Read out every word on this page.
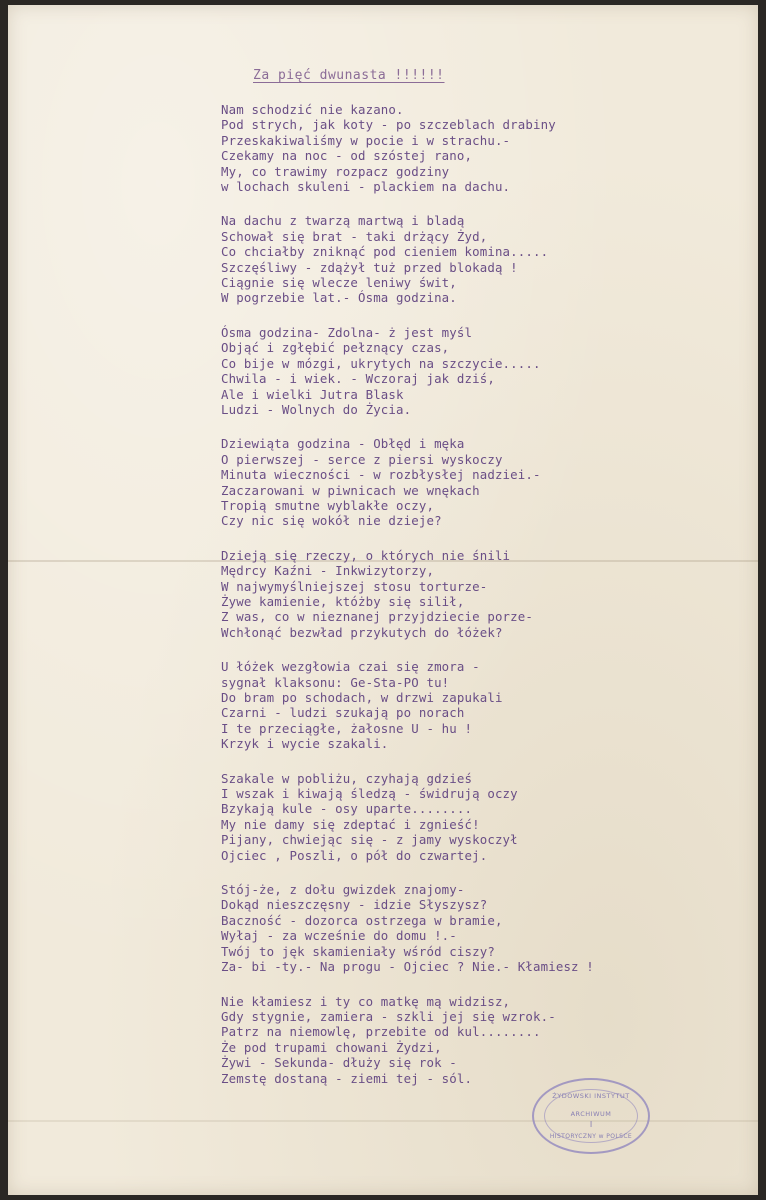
Za pięć dwunasta !!!!!!

Nam schodzić nie kazano.
Pod strych, jak koty - po szczeblach drabiny
Przeskakiwaliśmy w pocie i w strachu.-
Czekamy na noc - od szóstej rano,
My, co trawimy rozpacz godziny
w lochach skuleni - plackiem na dachu.
Na dachu z twarzą martwą i bladą
Schował się brat - taki drżący Żyd,
Co chciałby zniknąć pod cieniem komina.....
Szczęśliwy - zdążył tuż przed blokadą !
Ciągnie się wlecze leniwy świt,
W pogrzebie lat.- Ósma godzina.
Ósma godzina- Zdolna- ż jest myśl
Objąć i zgłębić pełznący czas,
Co bije w mózgi, ukrytych na szczycie.....
Chwila - i wiek. - Wczoraj jak dziś,
Ale i wielki Jutra Blask
Ludzi - Wolnych do Życia.
Dziewiąta godzina - Obłęd i męka
O pierwszej - serce z piersi wyskoczy
Minuta wieczności - w rozbłysłej nadziei.-
Zaczarowani w piwnicach we wnękach
Tropią smutne wyblakłe oczy,
Czy nic się wokół nie dzieje?
Dzieją się rzeczy, o których nie śnili
Mędrcy Kaźni - Inkwizytorzy,
W najwymyślniejszej stosu torturze-
Żywe kamienie, któżby się silił,
Z was, co w nieznanej przyjdziecie porze-
Wchłonąć bezwład przykutych do łóżek?
U łóżek wezgłowia czai się zmora -
sygnał klaksonu: Ge-Sta-PO tu!
Do bram po schodach, w drzwi zapukali
Czarni - ludzi szukają po norach
I te przeciągłe, żałosne U - hu !
Krzyk i wycie szakali.
Szakale w pobliżu, czyhają gdzieś
I wszak i kiwają śledzą - świdrują oczy
Bzykają kule - osy uparte........
My nie damy się zdeptać i zgnieść!
Pijany, chwiejąc się - z jamy wyskoczył
Ojciec , Poszli, o pół do czwartej.
Stój-że, z dołu gwizdek znajomy-
Dokąd nieszczęsny - idzie Słyszysz?
Baczność - dozorca ostrzega w bramie,
Wyłaj - za wcześnie do domu !.-
Twój to jęk skamieniały wśród ciszy?
Za- bi -ty.- Na progu - Ojciec ? Nie.- Kłamiesz !
Nie kłamiesz i ty co matkę mą widzisz,
Gdy stygnie, zamiera - szkli jej się wzrok.-
Patrz na niemowlę, przebite od kul........
Że pod trupami chowani Żydzi,
Żywi - Sekunda- dłuży się rok -
Zemstę dostaną - ziemi tej - sól.
ŻYDOWSKI INSTYTUT
ARCHIWUM
I
HISTORYCZNY w POLSCE
